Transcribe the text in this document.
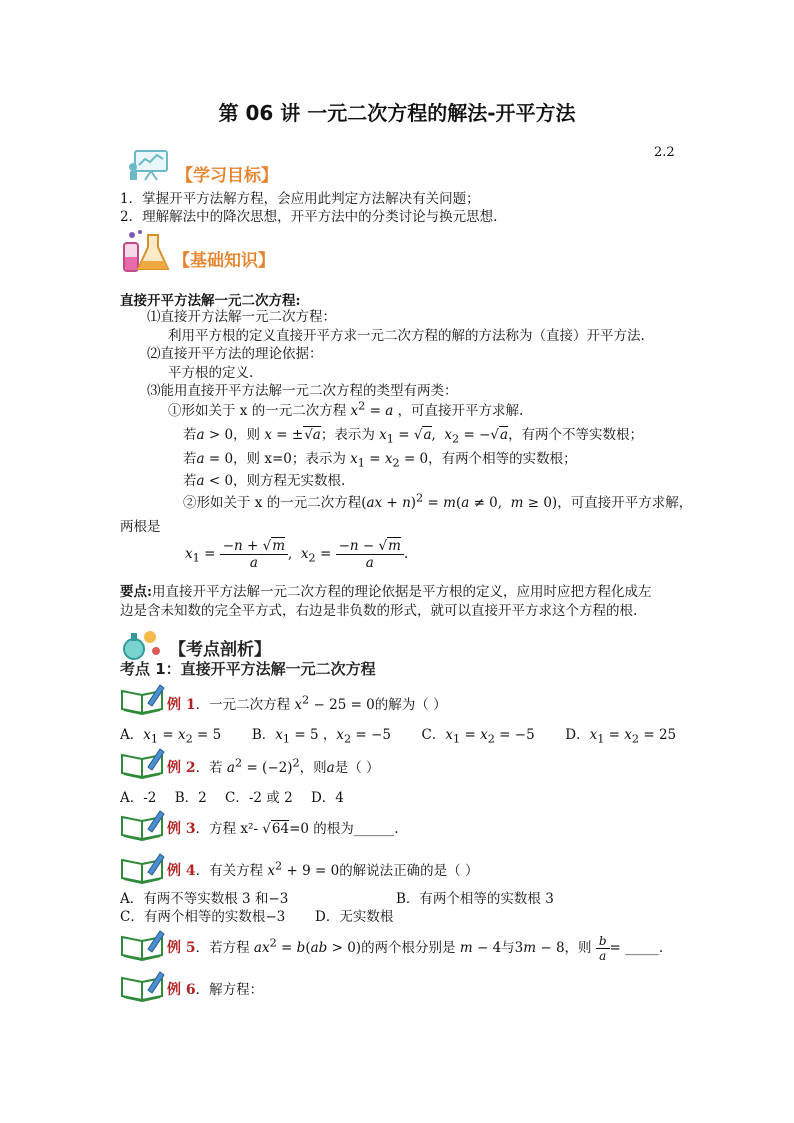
第 06 讲 一元二次方程的解法-开平方法
2.2
【学习目标】
1．掌握开平方法解方程，会应用此判定方法解决有关问题；
2．理解解法中的降次思想，开平方法中的分类讨论与换元思想.
【基础知识】
直接开平方法解一元二次方程:
⑴直接开方法解一元二次方程：
利用平方根的定义直接开平方求一元二次方程的解的方法称为（直接）开平方法.
⑵直接开平方法的理论依据：
平方根的定义.
⑶能用直接开平方法解一元二次方程的类型有两类：
①形如关于 x 的一元二次方程 $x^2 = a$ ，可直接开平方求解.
若a > 0，则 x = ±√a；表示为 $x_1 = √a$,  $x_2 = -√a$，有两个不等实数根；
若a = 0，则 x=0；表示为 $x_1 = x_2 = 0$，有两个相等的实数根；
若a < 0，则方程无实数根.
②形如关于 x 的一元二次方程(ax + n)$^2$ = m(a ≠ 0,  m ≥ 0)，可直接开平方求解，
两根是
$x_1 = \frac{-n + √m}{a}$ ,  $x_2 = \frac{-n - √m}{a}$ .
要点:用直接开平方法解一元二次方程的理论依据是平方根的定义，应用时应把方程化成左
边是含未知数的完全平方式，右边是非负数的形式，就可以直接开平方求这个方程的根.
【考点剖析】
考点 1：直接开平方法解一元二次方程
例 1．一元二次方程 $x^2 - 25 = 0$的解为（ ）
A．$x_1 = x_2 = 5$  B．$x_1 = 5$ ，$x_2 = -5$  C．$x_1 = x_2 = -5$  D．$x_1 = x_2 = 25$
例 2．若 $a^2 = (-2)^2$，则a是（ ）
A．-2 B．2 C．-2 或 2 D．4
例 3．方程 x²- √64=0 的根为______.
例 4．有关方程 $x^2 + 9 = 0$的解说法正确的是（ ）
A．有两不等实数根 3 和−3	B．有两个相等的实数根 3
C．有两个相等的实数根−3 D．无实数根
例 5．若方程 $ax^2 = b(ab > 0)$的两个根分别是 m − 4与3m − 8，则 $\frac{b}{a}$ = _____.
例 6．解方程：
